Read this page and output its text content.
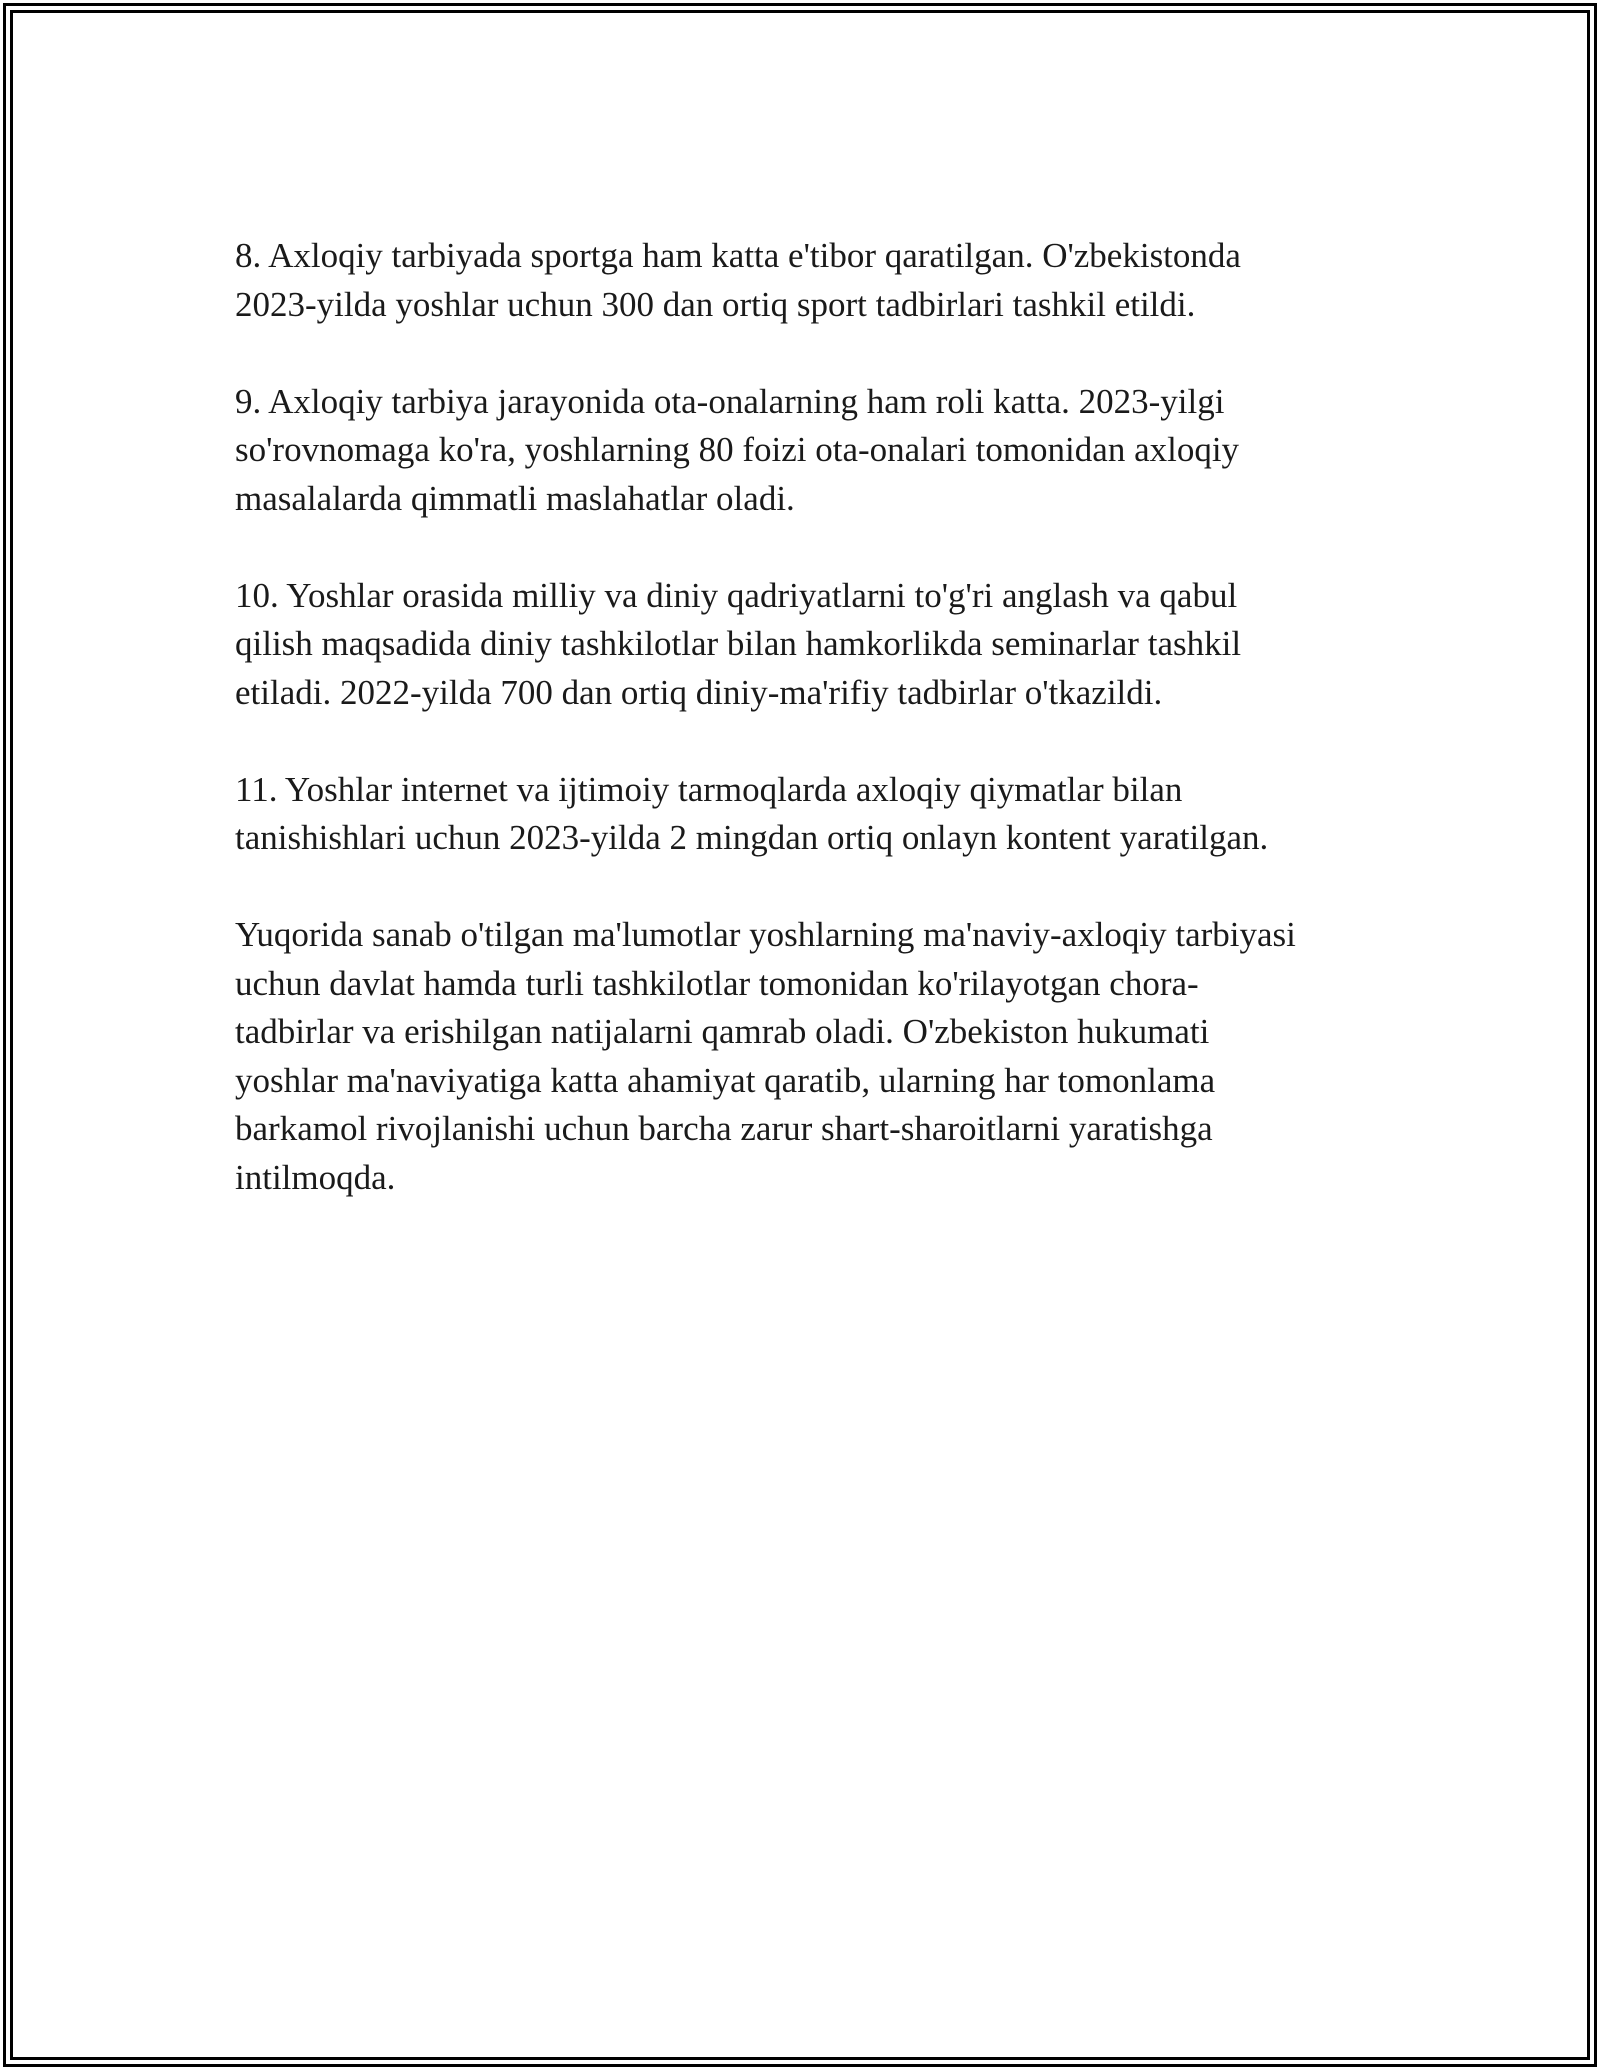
8. Axloqiy tarbiyada sportga ham katta e'tibor qaratilgan. O'zbekistonda
2023-yilda yoshlar uchun 300 dan ortiq sport tadbirlari tashkil etildi.

9. Axloqiy tarbiya jarayonida ota-onalarning ham roli katta. 2023-yilgi
so'rovnomaga ko'ra, yoshlarning 80 foizi ota-onalari tomonidan axloqiy
masalalarda qimmatli maslahatlar oladi.

10. Yoshlar orasida milliy va diniy qadriyatlarni to'g'ri anglash va qabul
qilish maqsadida diniy tashkilotlar bilan hamkorlikda seminarlar tashkil
etiladi. 2022-yilda 700 dan ortiq diniy-ma'rifiy tadbirlar o'tkazildi.

11. Yoshlar internet va ijtimoiy tarmoqlarda axloqiy qiymatlar bilan
tanishishlari uchun 2023-yilda 2 mingdan ortiq onlayn kontent yaratilgan.

Yuqorida sanab o'tilgan ma'lumotlar yoshlarning ma'naviy-axloqiy tarbiyasi
uchun davlat hamda turli tashkilotlar tomonidan ko'rilayotgan chora-
tadbirlar va erishilgan natijalarni qamrab oladi. O'zbekiston hukumati
yoshlar ma'naviyatiga katta ahamiyat qaratib, ularning har tomonlama
barkamol rivojlanishi uchun barcha zarur shart-sharoitlarni yaratishga
intilmoqda.
